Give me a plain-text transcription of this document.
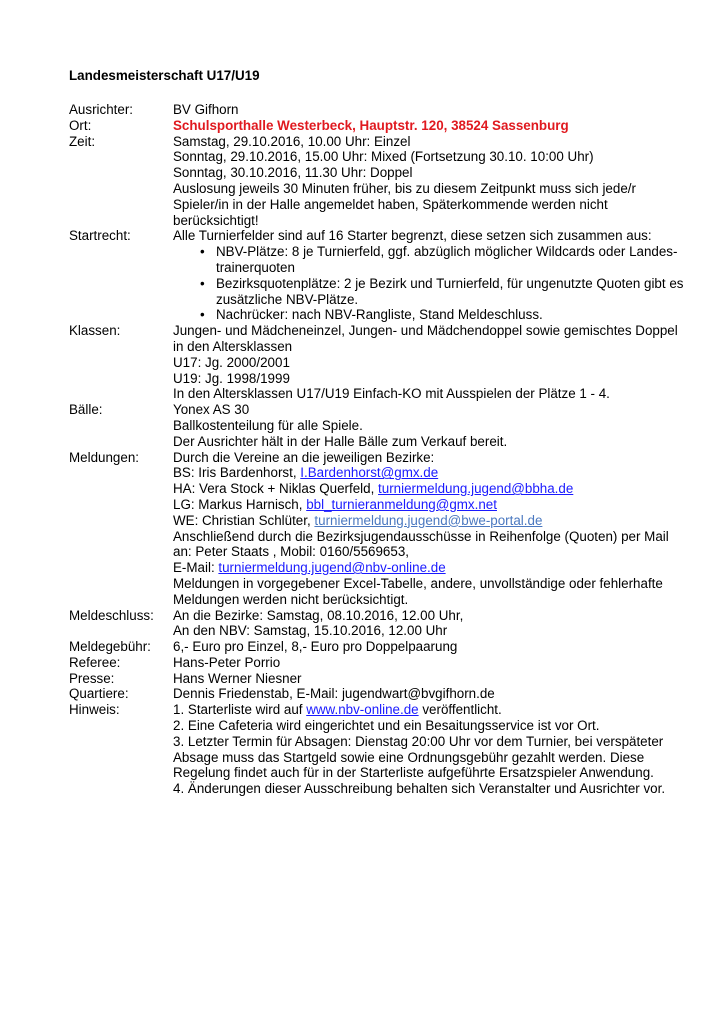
Landesmeisterschaft U17/U19
Ausrichter:	BV Gifhorn
Ort:	Schulsporthalle Westerbeck, Hauptstr. 120, 38524 Sassenburg
Zeit:	Samstag, 29.10.2016, 10.00 Uhr: Einzel
Sonntag, 29.10.2016, 15.00 Uhr: Mixed (Fortsetzung 30.10. 10:00 Uhr)
Sonntag, 30.10.2016, 11.30 Uhr: Doppel
Auslosung jeweils 30 Minuten früher, bis zu diesem Zeitpunkt muss sich jede/r
Spieler/in in der Halle angemeldet haben, Späterkommende werden nicht
berücksichtigt!
Startrecht:	Alle Turnierfelder sind auf 16 Starter begrenzt, diese setzen sich zusammen aus:
• NBV-Plätze: 8 je Turnierfeld, ggf. abzüglich möglicher Wildcards oder Landes-
trainerquoten
• Bezirksquotenplätze: 2 je Bezirk und Turnierfeld, für ungenutzte Quoten gibt es
zusätzliche NBV-Plätze.
• Nachrücker: nach NBV-Rangliste, Stand Meldeschluss.
Klassen:	Jungen- und Mädcheneinzel, Jungen- und Mädchendoppel sowie gemischtes Doppel
in den Altersklassen
U17: Jg. 2000/2001
U19: Jg. 1998/1999
In den Altersklassen U17/U19 Einfach-KO mit Ausspielen der Plätze 1 - 4.
Bälle:	Yonex AS 30
Ballkostenteilung für alle Spiele.
Der Ausrichter hält in der Halle Bälle zum Verkauf bereit.
Meldungen:	Durch die Vereine an die jeweiligen Bezirke:
BS: Iris Bardenhorst, I.Bardenhorst@gmx.de
HA: Vera Stock + Niklas Querfeld, turniermeldung.jugend@bbha.de
LG: Markus Harnisch, bbl_turnieranmeldung@gmx.net
WE: Christian Schlüter, turniermeldung.jugend@bwe-portal.de
Anschließend durch die Bezirksjugendausschüsse in Reihenfolge (Quoten) per Mail
an: Peter Staats , Mobil: 0160/5569653,
E-Mail: turniermeldung.jugend@nbv-online.de
Meldungen in vorgegebener Excel-Tabelle, andere, unvollständige oder fehlerhafte
Meldungen werden nicht berücksichtigt.
Meldeschluss:	An die Bezirke: Samstag, 08.10.2016, 12.00 Uhr,
An den NBV: Samstag, 15.10.2016, 12.00 Uhr
Meldegebühr:	6,- Euro pro Einzel, 8,- Euro pro Doppelpaarung
Referee:	Hans-Peter Porrio
Presse:	Hans Werner Niesner
Quartiere:	Dennis Friedenstab, E-Mail: jugendwart@bvgifhorn.de
Hinweis:	1. Starterliste wird auf www.nbv-online.de veröffentlicht.
2. Eine Cafeteria wird eingerichtet und ein Besaitungsservice ist vor Ort.
3. Letzter Termin für Absagen: Dienstag 20:00 Uhr vor dem Turnier, bei verspäteter
Absage muss das Startgeld sowie eine Ordnungsgebühr gezahlt werden. Diese
Regelung findet auch für in der Starterliste aufgeführte Ersatzspieler Anwendung.
4. Änderungen dieser Ausschreibung behalten sich Veranstalter und Ausrichter vor.
